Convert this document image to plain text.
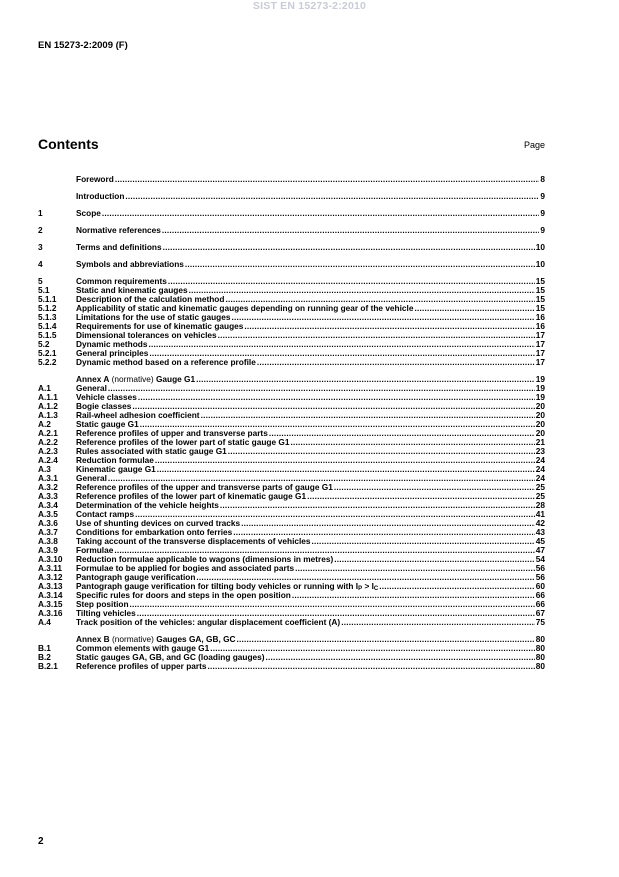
SIST EN 15273-2:2010
EN 15273-2:2009 (F)
Contents	Page
Foreword .....	8
Introduction .....	9
1	Scope .....	9
2	Normative references .....	9
3	Terms and definitions .....	10
4	Symbols and abbreviations .....	10
5	Common requirements .....	15
5.1	Static and kinematic gauges .....	15
5.1.1	Description of the calculation method .....	15
5.1.2	Applicability of static and kinematic gauges depending on running gear of the vehicle .....	15
5.1.3	Limitations for the use of static gauges .....	16
5.1.4	Requirements for use of kinematic gauges .....	16
5.1.5	Dimensional tolerances on vehicles .....	17
5.2	Dynamic methods .....	17
5.2.1	General principles .....	17
5.2.2	Dynamic method based on a reference profile .....	17
Annex A (normative) Gauge G1 .....	19
A.1	General .....	19
A.1.1	Vehicle classes .....	19
A.1.2	Bogie classes .....	20
A.1.3	Rail-wheel adhesion coefficient .....	20
A.2	Static gauge G1 .....	20
A.2.1	Reference profiles of upper and transverse parts .....	20
A.2.2	Reference profiles of the lower part of static gauge G1 .....	21
A.2.3	Rules associated with static gauge G1 .....	23
A.2.4	Reduction formulae .....	24
A.3	Kinematic gauge G1 .....	24
A.3.1	General .....	24
A.3.2	Reference profiles of the upper and transverse parts of gauge G1 .....	25
A.3.3	Reference profiles of the lower part of kinematic gauge G1 .....	25
A.3.4	Determination of the vehicle heights .....	28
A.3.5	Contact ramps .....	41
A.3.6	Use of shunting devices on curved tracks .....	42
A.3.7	Conditions for embarkation onto ferries .....	43
A.3.8	Taking account of the transverse displacements of vehicles .....	45
A.3.9	Formulae .....	47
A.3.10	Reduction formulae applicable to wagons (dimensions in metres) .....	54
A.3.11	Formulae to be applied for bogies and associated parts .....	56
A.3.12	Pantograph gauge verification .....	56
A.3.13	Pantograph gauge verification for tilting body vehicles or running with $I_P > I_C$ .....	60
A.3.14	Specific rules for doors and steps in the open position .....	66
A.3.15	Step position .....	66
A.3.16	Tilting vehicles .....	67
A.4	Track position of the vehicles: angular displacement coefficient (A) .....	75
Annex B (normative) Gauges GA, GB, GC .....	80
B.1	Common elements with gauge G1 .....	80
B.2	Static gauges GA, GB, and GC (loading gauges) .....	80
B.2.1	Reference profiles of upper parts .....	80
2
